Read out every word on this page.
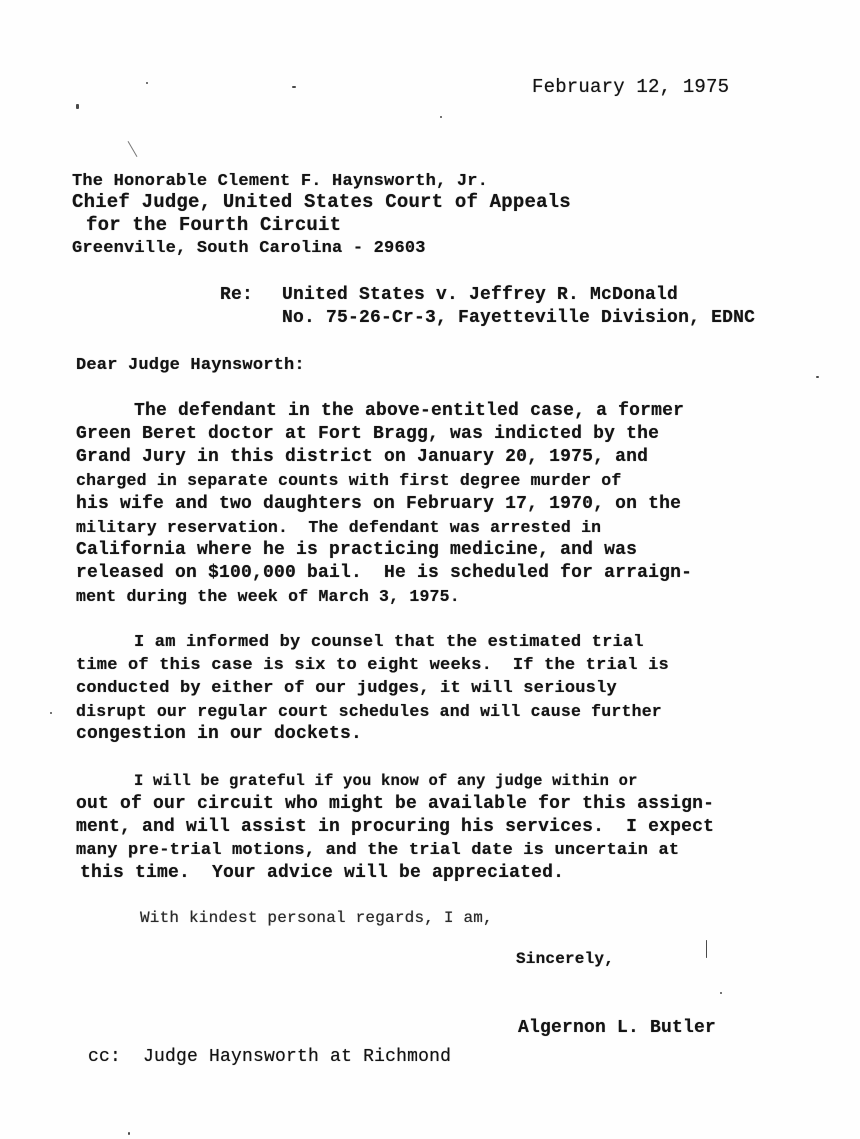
February 12, 1975
The Honorable Clement F. Haynsworth, Jr.
Chief Judge, United States Court of Appeals
for the Fourth Circuit
Greenville, South Carolina - 29603
Re: United States v. Jeffrey R. McDonald
No. 75-26-Cr-3, Fayetteville Division, EDNC
Dear Judge Haynsworth:
The defendant in the above-entitled case, a former
Green Beret doctor at Fort Bragg, was indicted by the
Grand Jury in this district on January 20, 1975, and
charged in separate counts with first degree murder of
his wife and two daughters on February 17, 1970, on the
military reservation.  The defendant was arrested in
California where he is practicing medicine, and was
released on $100,000 bail.  He is scheduled for arraign-
ment during the week of March 3, 1975.
I am informed by counsel that the estimated trial
time of this case is six to eight weeks.  If the trial is
conducted by either of our judges, it will seriously
disrupt our regular court schedules and will cause further
congestion in our dockets.
I will be grateful if you know of any judge within or
out of our circuit who might be available for this assign-
ment, and will assist in procuring his services.  I expect
many pre-trial motions, and the trial date is uncertain at
this time.  Your advice will be appreciated.
With kindest personal regards, I am,
Sincerely,
Algernon L. Butler
cc: Judge Haynsworth at Richmond
